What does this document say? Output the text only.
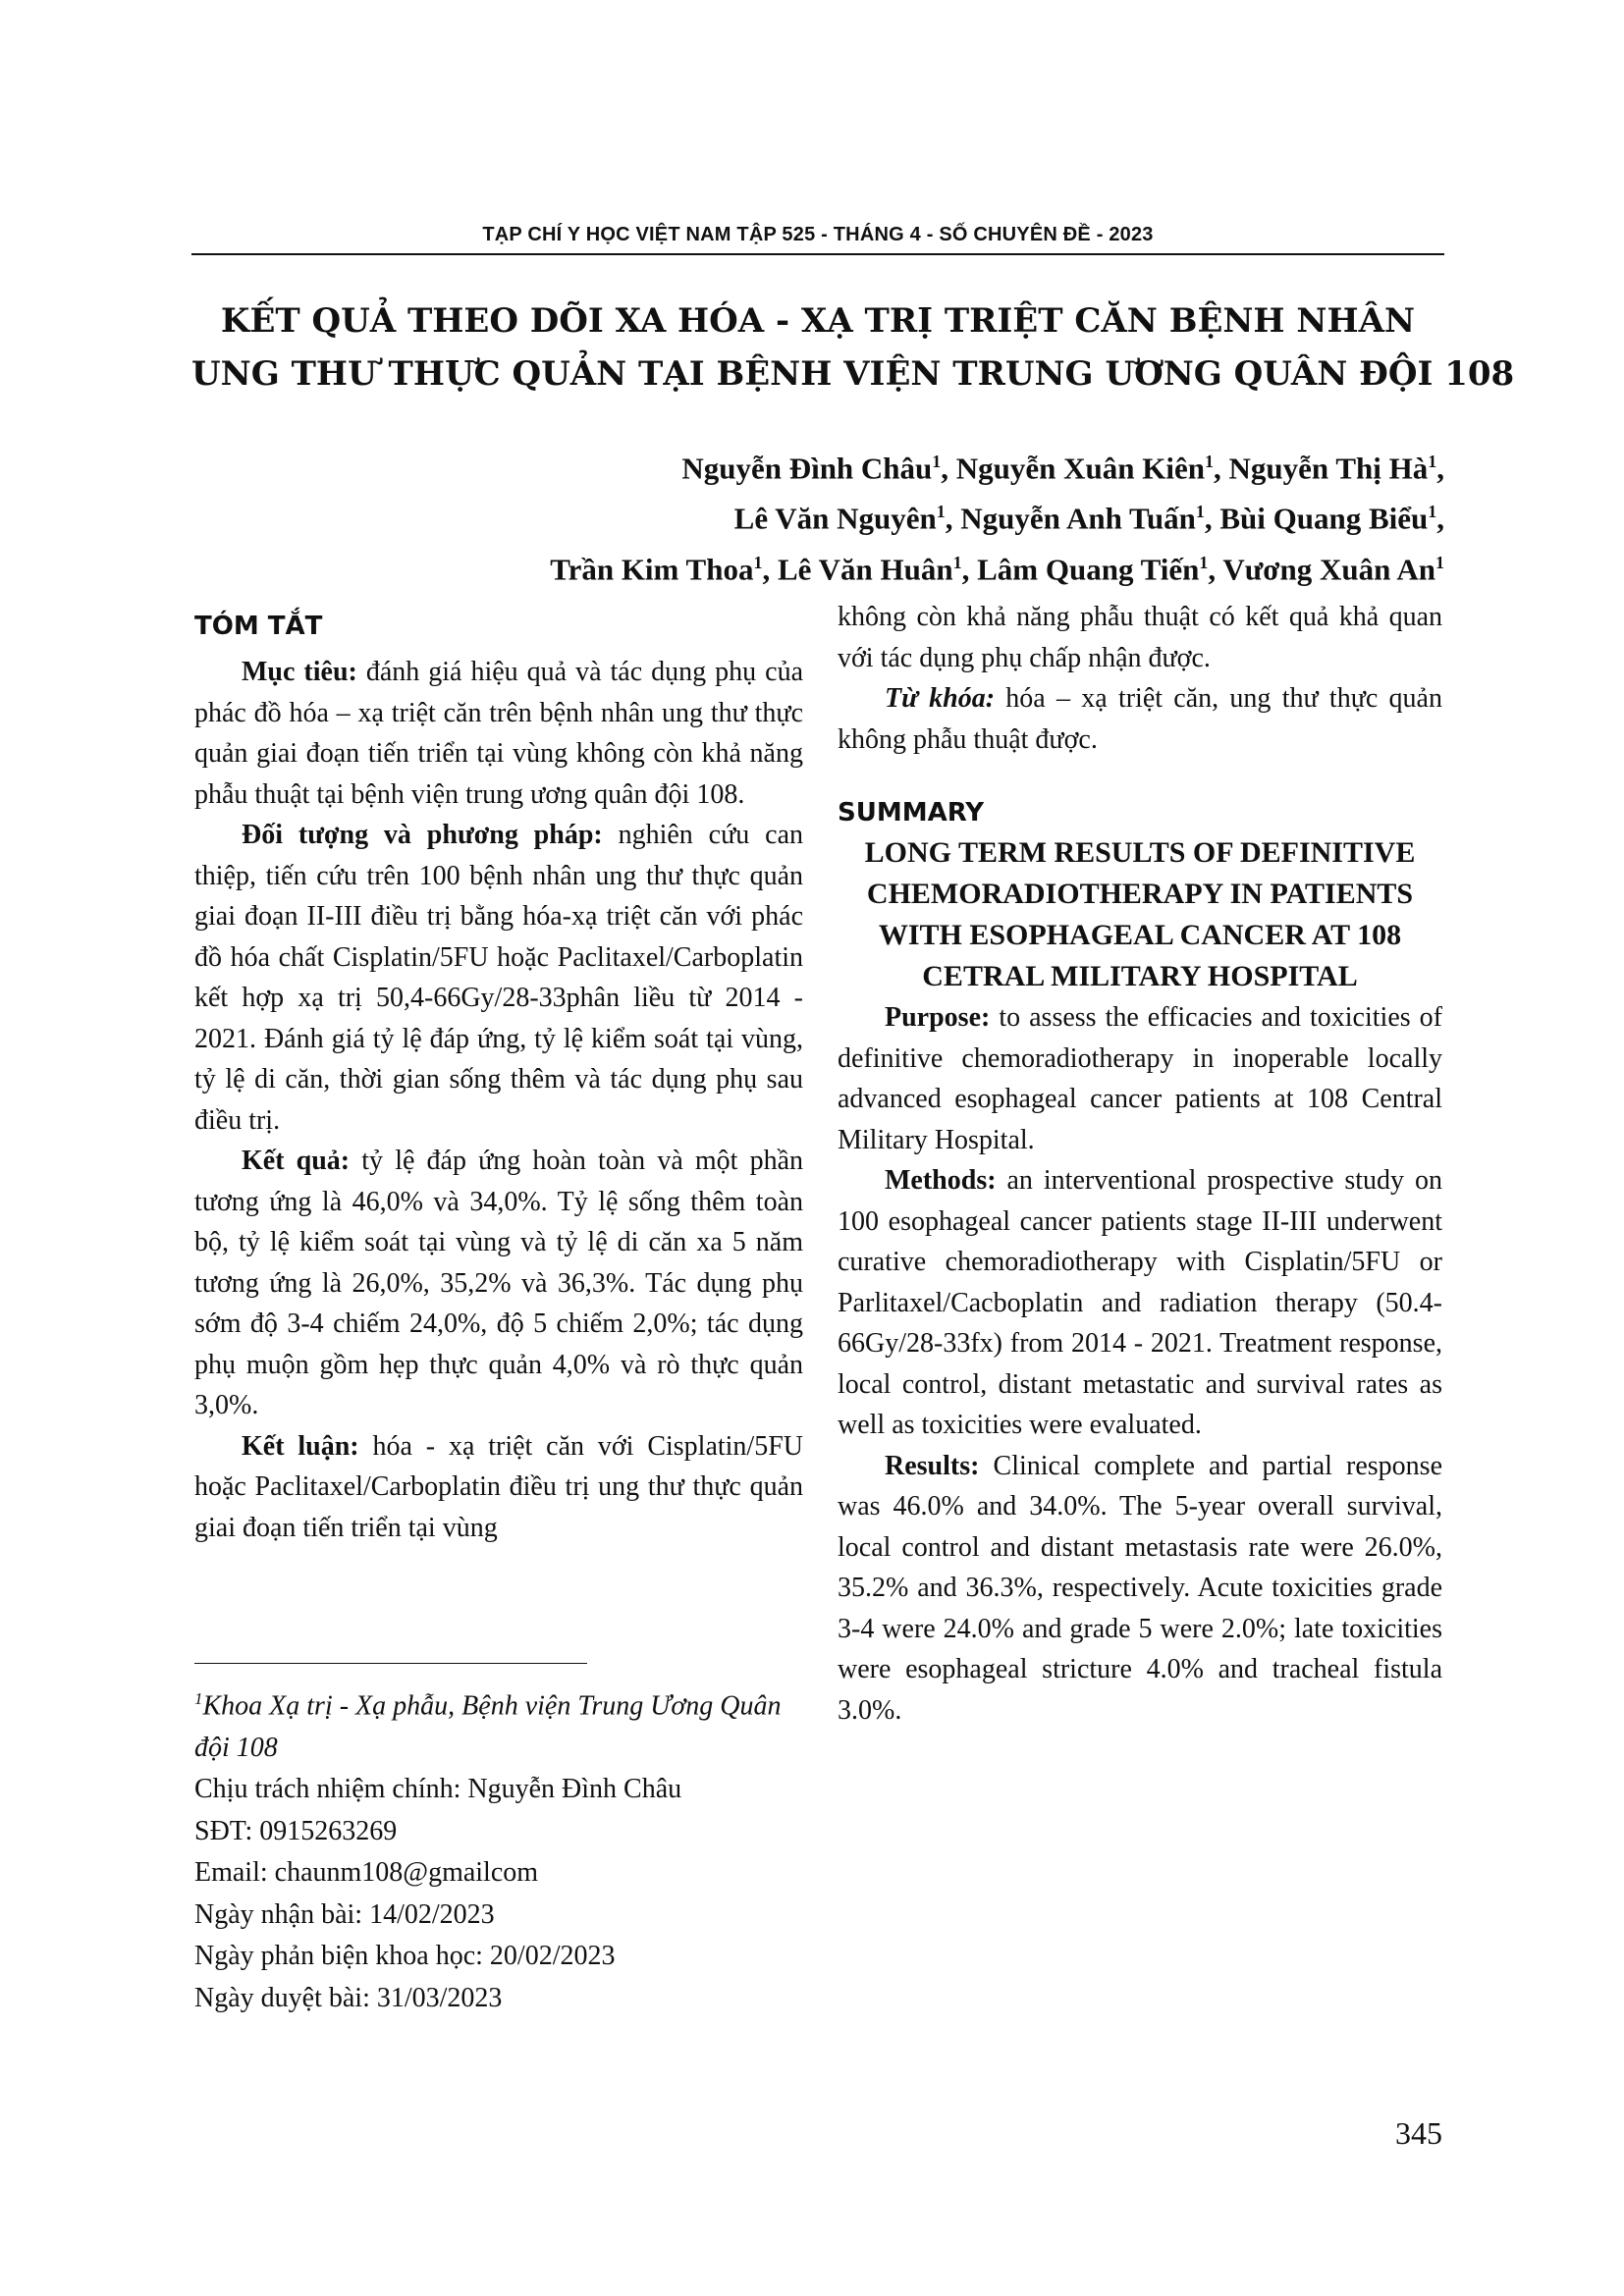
TẠP CHÍ Y HỌC VIỆT NAM TẬP 525 - THÁNG 4 - SỐ CHUYÊN ĐỀ - 2023
KẾT QUẢ THEO DÕI XA HÓA - XẠ TRỊ TRIỆT CĂN BỆNH NHÂN
UNG THƯ THỰC QUẢN TẠI BỆNH VIỆN TRUNG ƯƠNG QUÂN ĐỘI 108
Nguyễn Đình Châu$^1$, Nguyễn Xuân Kiên$^1$, Nguyễn Thị $Hà^1$,
Lê Văn Nguyên$^1$, Nguyễn Anh Tuấn$^1$, Bùi Quang Biểu$^1$,
Trần Kim Thoa$^1$, Lê Văn Huân$^1$, Lâm Quang Tiến$^1$, Vương Xuân An$^1$

TÓM TẮT

Mục tiêu: đánh giá hiệu quả và tác dụng phụ của phác đồ hóa – xạ triệt căn trên bệnh nhân ung thư thực quản giai đoạn tiến triển tại vùng không còn khả năng phẫu thuật tại bệnh viện trung ương quân đội 108.

Đối tượng và phương pháp: nghiên cứu can thiệp, tiến cứu trên 100 bệnh nhân ung thư thực quản giai đoạn II-III điều trị bằng hóa-xạ triệt căn với phác đồ hóa chất Cisplatin/5FU hoặc Paclitaxel/Carboplatin kết hợp xạ trị 50,4-66Gy/28-33phân liều từ 2014 - 2021. Đánh giá tỷ lệ đáp ứng, tỷ lệ kiểm soát tại vùng, tỷ lệ di căn, thời gian sống thêm và tác dụng phụ sau điều trị.

Kết quả: tỷ lệ đáp ứng hoàn toàn và một phần tương ứng là 46,0% và 34,0%. Tỷ lệ sống thêm toàn bộ, tỷ lệ kiểm soát tại vùng và tỷ lệ di căn xa 5 năm tương ứng là 26,0%, 35,2% và 36,3%. Tác dụng phụ sớm độ 3-4 chiếm 24,0%, độ 5 chiếm 2,0%; tác dụng phụ muộn gồm hẹp thực quản 4,0% và rò thực quản 3,0%.

Kết luận: hóa - xạ triệt căn với Cisplatin/5FU hoặc Paclitaxel/Carboplatin điều trị ung thư thực quản giai đoạn tiến triển tại vùng

không còn khả năng phẫu thuật có kết quả khả quan với tác dụng phụ chấp nhận được.

Từ khóa: hóa – xạ triệt căn, ung thư thực quản không phẫu thuật được.

SUMMARY

LONG TERM RESULTS OF DEFINITIVE CHEMORADIOTHERAPY IN PATIENTS WITH ESOPHAGEAL CANCER AT 108 CETRAL MILITARY HOSPITAL

Purpose: to assess the efficacies and toxicities of definitive chemoradiotherapy in inoperable locally advanced esophageal cancer patients at 108 Central Military Hospital.

Methods: an interventional prospective study on 100 esophageal cancer patients stage II-III underwent curative chemoradiotherapy with Cisplatin/5FU or Parlitaxel/Cacboplatin and radiation therapy (50.4-66Gy/28-33fx) from 2014 - 2021. Treatment response, local control, distant metastatic and survival rates as well as toxicities were evaluated.

Results: Clinical complete and partial response was 46.0% and 34.0%. The 5-year overall survival, local control and distant metastasis rate were 26.0%, 35.2% and 36.3%, respectively. Acute toxicities grade 3-4 were 24.0% and grade 5 were 2.0%; late toxicities were esophageal stricture 4.0% and tracheal fistula 3.0%.

$^1$Khoa Xạ trị - Xạ phẫu, Bệnh viện Trung Ương Quân đội 108

Chịu trách nhiệm chính: Nguyễn Đình Châu

SĐT: 0915263269

Email: chaunm108@gmailcom

Ngày nhận bài: 14/02/2023

Ngày phản biện khoa học: 20/02/2023

Ngày duyệt bài: 31/03/2023

345
